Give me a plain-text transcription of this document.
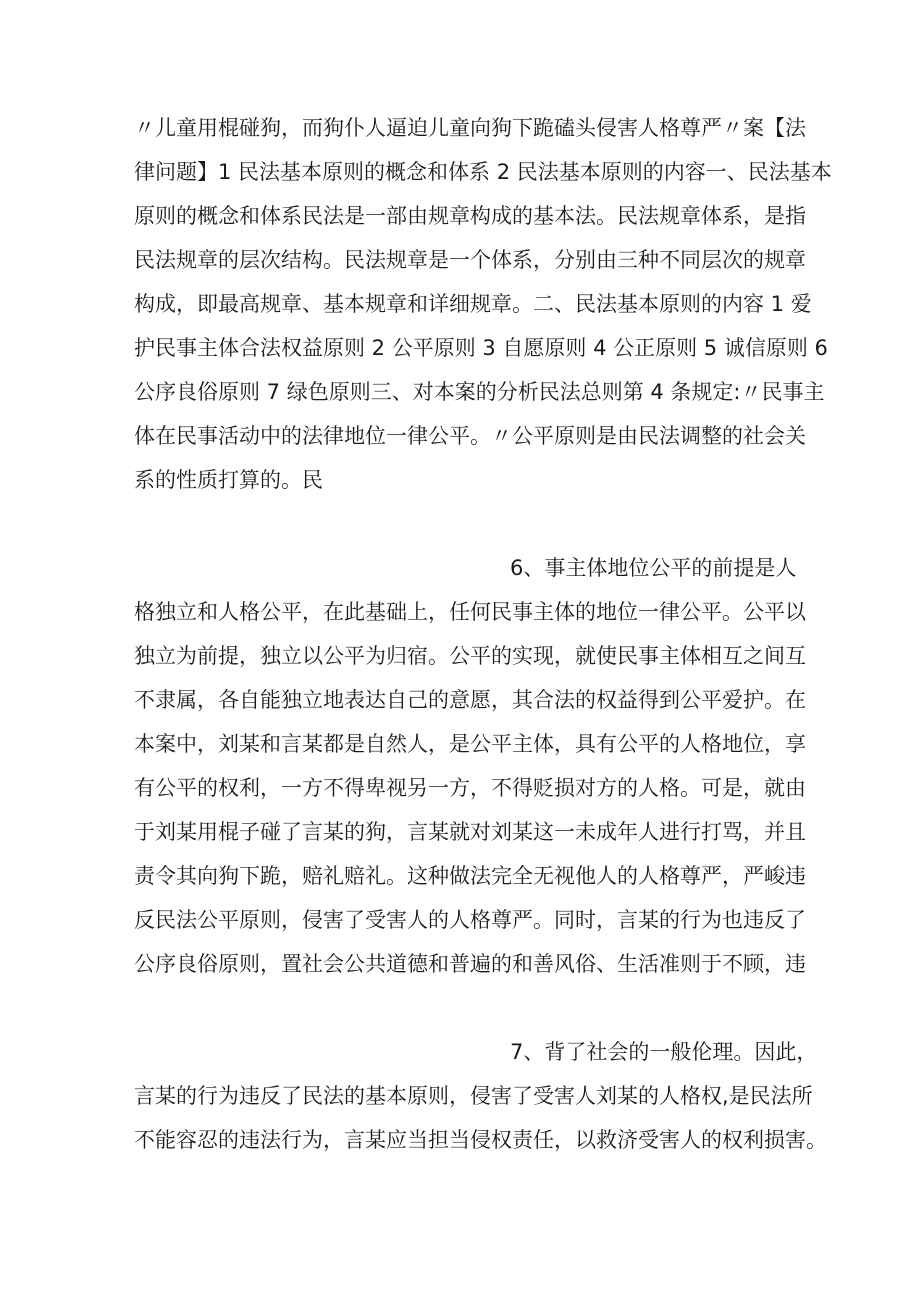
〃儿童用棍碰狗，而狗仆人逼迫儿童向狗下跪磕头侵害人格尊严〃案【法
律问题】1 民法基本原则的概念和体系 2 民法基本原则的内容一、民法基本
原则的概念和体系民法是一部由规章构成的基本法。民法规章体系，是指
民法规章的层次结构。民法规章是一个体系，分别由三种不同层次的规章
构成，即最高规章、基本规章和详细规章。二、民法基本原则的内容 1 爱
护民事主体合法权益原则 2 公平原则 3 自愿原则 4 公正原则 5 诚信原则 6
公序良俗原则 7 绿色原则三、对本案的分析民法总则第 4 条规定:〃民事主
体在民事活动中的法律地位一律公平。〃公平原则是由民法调整的社会关
系的性质打算的。民
6、事主体地位公平的前提是人
格独立和人格公平，在此基础上，任何民事主体的地位一律公平。公平以
独立为前提，独立以公平为归宿。公平的实现，就使民事主体相互之间互
不隶属，各自能独立地表达自己的意愿，其合法的权益得到公平爱护。在
本案中，刘某和言某都是自然人，是公平主体，具有公平的人格地位，享
有公平的权利，一方不得卑视另一方，不得贬损对方的人格。可是，就由
于刘某用棍子碰了言某的狗，言某就对刘某这一未成年人进行打骂，并且
责令其向狗下跪，赔礼赔礼。这种做法完全无视他人的人格尊严，严峻违
反民法公平原则，侵害了受害人的人格尊严。同时，言某的行为也违反了
公序良俗原则，置社会公共道德和普遍的和善风俗、生活准则于不顾，违
7、背了社会的一般伦理。因此，
言某的行为违反了民法的基本原则，侵害了受害人刘某的人格权,是民法所
不能容忍的违法行为，言某应当担当侵权责任，以救济受害人的权利损害。
